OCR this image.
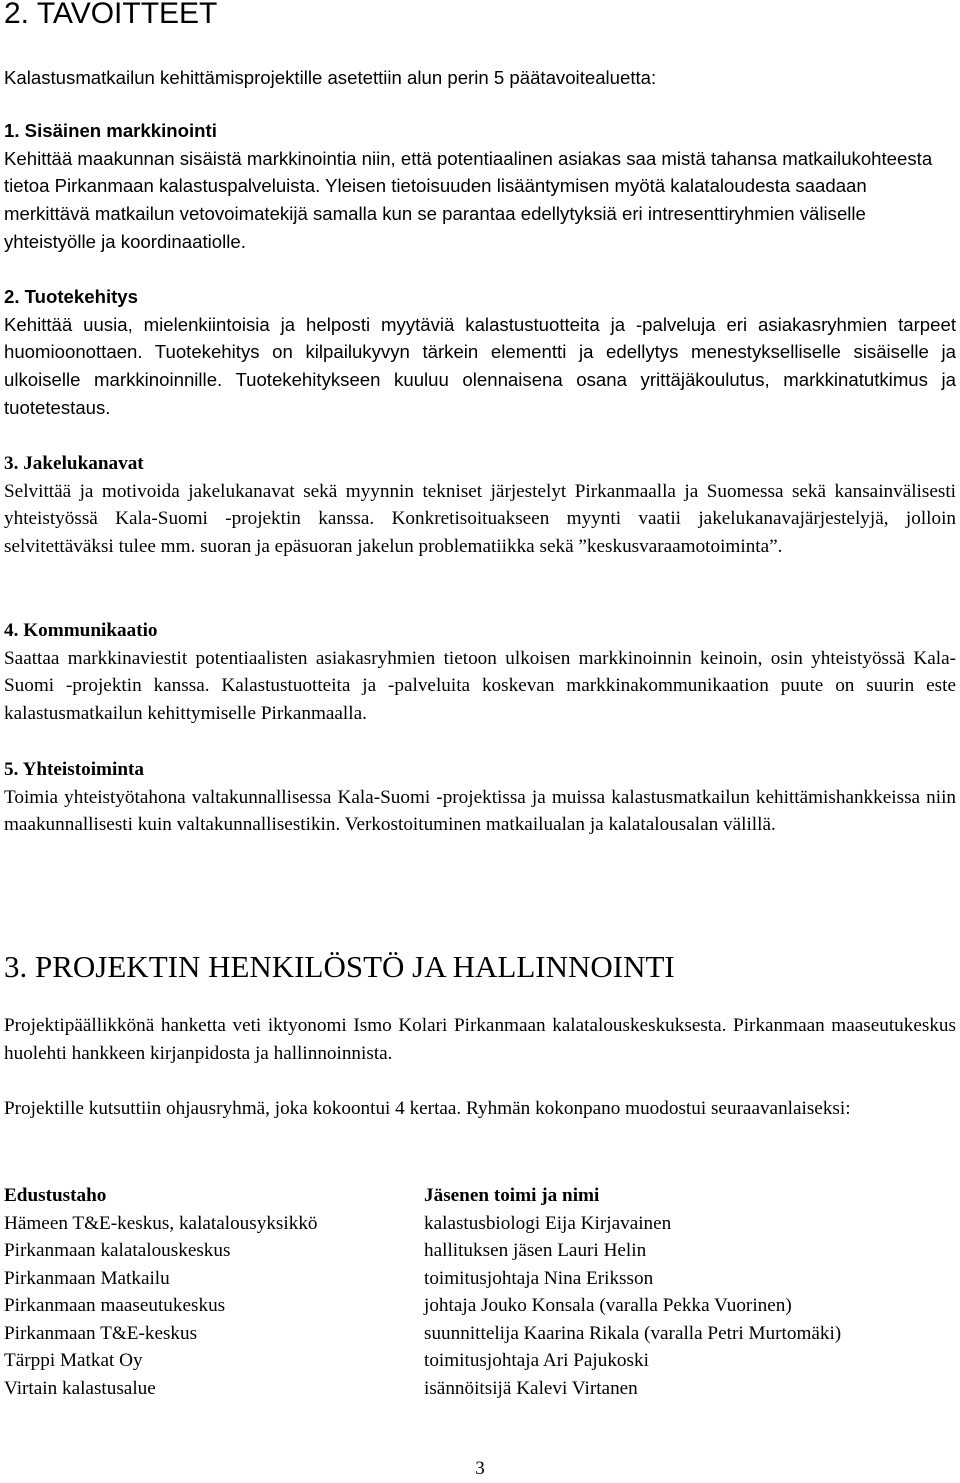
2. TAVOITTEET

Kalastusmatkailun kehittämisprojektille asetettiin alun perin 5 päätavoitealuetta:

1. Sisäinen markkinointi

Kehittää maakunnan sisäistä markkinointia niin, että potentiaalinen asiakas saa mistä tahansa matkailukohteesta tietoa Pirkanmaan kalastuspalveluista. Yleisen tietoisuuden lisääntymisen myötä kalataloudesta saadaan merkittävä matkailun vetovoimatekijä samalla kun se parantaa edellytyksiä eri intresenttiryhmien väliselle yhteistyölle ja koordinaatiolle.

2. Tuotekehitys

Kehittää uusia, mielenkiintoisia ja helposti myytäviä kalastustuotteita ja -palveluja eri asiakasryhmien tarpeet huomioonottaen. Tuotekehitys on kilpailukyvyn tärkein elementti ja edellytys menestykselliselle sisäiselle ja ulkoiselle markkinoinnille. Tuotekehitykseen kuuluu olennaisena osana yrittäjäkoulutus, markkinatutkimus ja tuotetestaus.

3. Jakelukanavat

Selvittää ja motivoida jakelukanavat sekä myynnin tekniset järjestelyt Pirkanmaalla ja Suomessa sekä kansainvälisesti yhteistyössä Kala-Suomi -projektin kanssa. Konkretisoituakseen myynti vaatii jakelukanavajärjestelyjä, jolloin selvitettäväksi tulee mm. suoran ja epäsuoran jakelun problematiikka sekä ”keskusvaraamotoiminta”.

4. Kommunikaatio

Saattaa markkinaviestit potentiaalisten asiakasryhmien tietoon ulkoisen markkinoinnin keinoin, osin yhteistyössä Kala-Suomi -projektin kanssa. Kalastustuotteita ja -palveluita koskevan markkinakommunikaation puute on suurin este kalastusmatkailun kehittymiselle Pirkanmaalla.

5. Yhteistoiminta

Toimia yhteistyötahona valtakunnallisessa Kala-Suomi -projektissa ja muissa kalastusmatkailun kehittämishankkeissa niin maakunnallisesti kuin valtakunnallisestikin. Verkostoituminen matkailualan ja kalatalousalan välillä.

3. PROJEKTIN HENKILÖSTÖ JA HALLINNOINTI

Projektipäällikkönä hanketta veti iktyonomi Ismo Kolari Pirkanmaan kalatalouskeskuksesta. Pirkanmaan maaseutukeskus huolehti hankkeen kirjanpidosta ja hallinnoinnista.

Projektille kutsuttiin ohjausryhmä, joka kokoontui 4 kertaa. Ryhmän kokonpano muodostui seuraavanlaiseksi:

Edustustaho
Hämeen T&E-keskus, kalatalousyksikkö
Pirkanmaan kalatalouskeskus
Pirkanmaan Matkailu
Pirkanmaan maaseutukeskus
Pirkanmaan T&E-keskus
Tärppi Matkat Oy
Virtain kalastusalue
Jäsenen toimi ja nimi
kalastusbiologi Eija Kirjavainen
hallituksen jäsen Lauri Helin
toimitusjohtaja Nina Eriksson
johtaja Jouko Konsala (varalla Pekka Vuorinen)
suunnittelija Kaarina Rikala (varalla Petri Murtomäki)
toimitusjohtaja Ari Pajukoski
isännöitsijä Kalevi Virtanen
3
